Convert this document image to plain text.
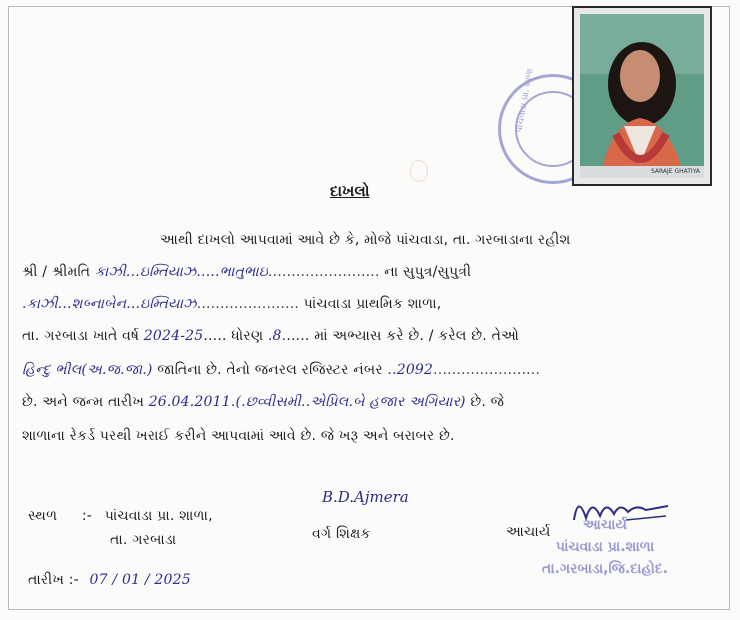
પાંચવાડા પ્રા. શાળા
SARAJE GHATIYA
દાખલો
આથી દાખલો આપવામાં આવે છે કે, મોજે પાંચવાડા, તા. ગરબાડાના રહીશ
શ્રી / શ્રીમતિ કાઝી...ઇમ્તિયાઝ.....ભાતુભાઇ........................ ના સુપુત્ર/સુપુત્રી
.કાઝી...શબ્નાબેન...ઇમ્તિયાઝ...................... પાંચવાડા પ્રાથમિક શાળા,
તા. ગરબાડા ખાતે વર્ષ 2024-25..... ધોરણ .8...... માં અભ્યાસ કરે છે. / કરેલ છે. તેઓ
હિન્દુ ભીલ(અ.જ.જા.) જાતિના છે. તેનો જનરલ રજિસ્ટર નંબર ..2092.......................
છે. અને જન્મ તારીખ 26.04.2011.(.છવ્વીસમી..એપ્રિલ.બે હજાર અગિયાર) છે. જે
શાળાના રેકર્ડ પરથી ખરાઈ કરીને આપવામાં આવે છે. જે ખરૂ અને બરાબર છે.
સ્થળ :- પાંચવાડા પ્રા. શાળા,
તા. ગરબાડા
તારીખ :- 07 / 01 / 2025
B.D.Ajmera
વર્ગ શિક્ષક	આચાર્ય	આચાર્ય
પાંચવાડા પ્રા.શાળા
તા.ગરબાડા,જિ.દાહોદ.
